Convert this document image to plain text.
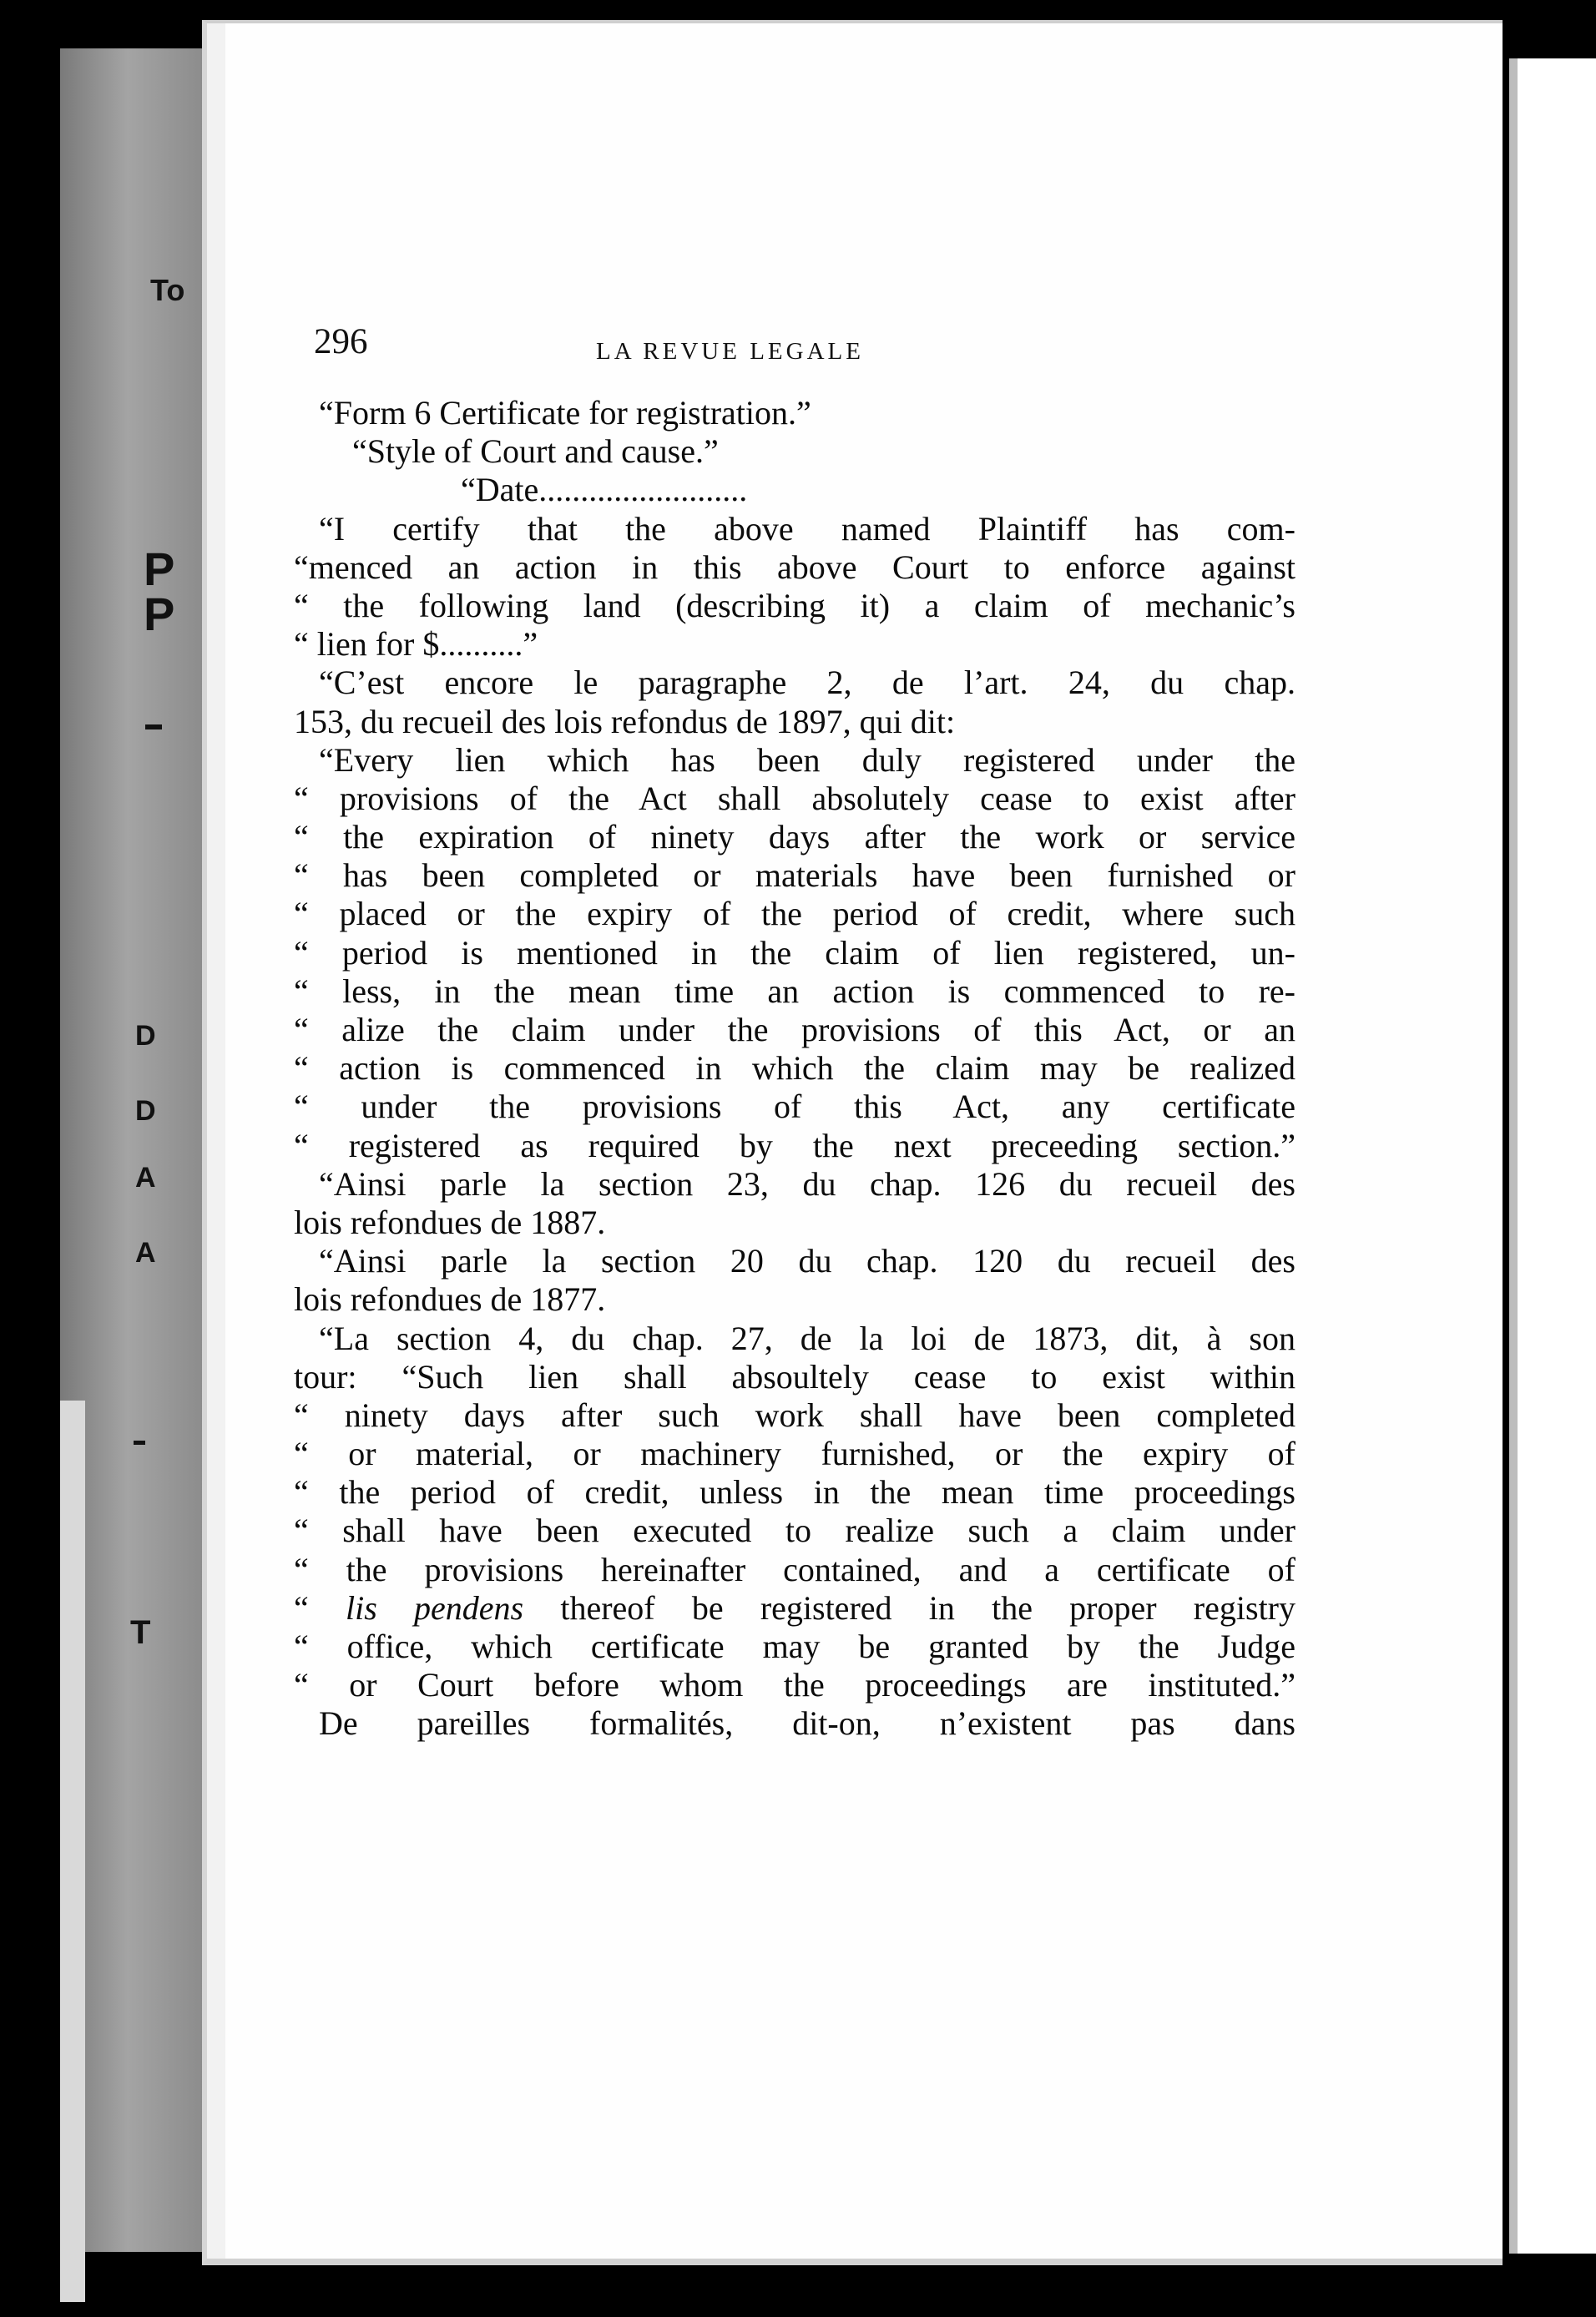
To
P
P
D
D
A
A
T
296	LA REVUE LEGALE
“Form 6 Certificate for registration.”
“Style of Court and cause.”
“Date.........................
“I certify that the above named Plaintiff has com-
“menced an action in this above Court to enforce against
“ the following land (describing it) a claim of mechanic’s
“ lien for $..........”
“C’est encore le paragraphe 2, de l’art. 24, du chap.
153, du recueil des lois refondus de 1897, qui dit:
“Every lien which has been duly registered under the
“ provisions of the Act shall absolutely cease to exist after
“ the expiration of ninety days after the work or service
“ has been completed or materials have been furnished or
“ placed or the expiry of the period of credit, where such
“ period is mentioned in the claim of lien registered, un-
“ less, in the mean time an action is commenced to re-
“ alize the claim under the provisions of this Act, or an
“ action is commenced in which the claim may be realized
“ under the provisions of this Act, any certificate
“ registered as required by the next preceeding section.”
“Ainsi parle la section 23, du chap. 126 du recueil des
lois refondues de 1887.
“Ainsi parle la section 20 du chap. 120 du recueil des
lois refondues de 1877.
“La section 4, du chap. 27, de la loi de 1873, dit, à son
tour: “Such lien shall absoultely cease to exist within
“ ninety days after such work shall have been completed
“ or material, or machinery furnished, or the expiry of
“ the period of credit, unless in the mean time proceedings
“ shall have been executed to realize such a claim under
“ the provisions hereinafter contained, and a certificate of
“ lis pendens thereof be registered in the proper registry
“ office, which certificate may be granted by the Judge
“ or Court before whom the proceedings are instituted.”
De pareilles formalités, dit-on, n’existent pas dans
